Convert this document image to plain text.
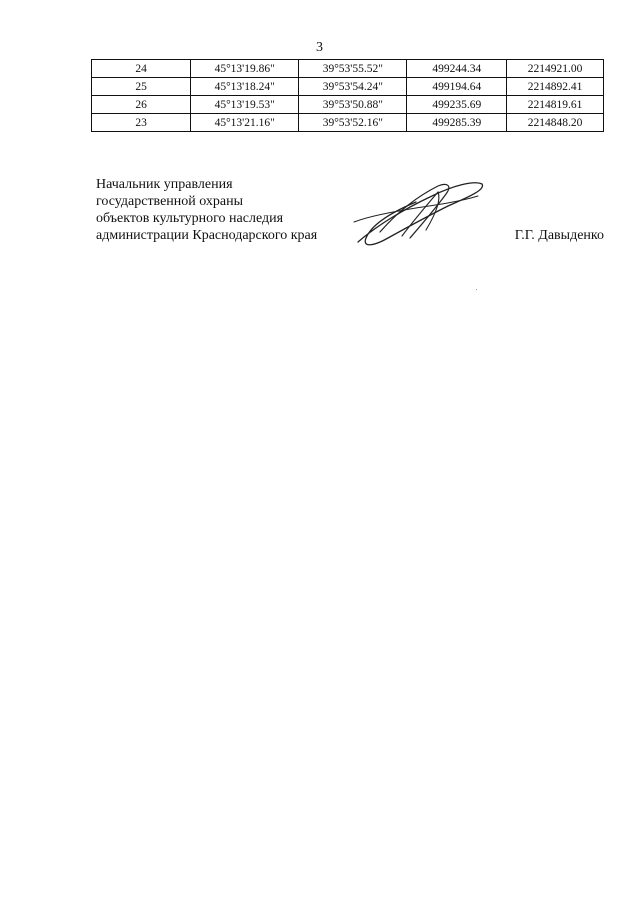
3
24	45°13'19.86"	39°53'55.52"	499244.34	2214921.00
25	45°13'18.24"	39°53'54.24"	499194.64	2214892.41
26	45°13'19.53"	39°53'50.88"	499235.69	2214819.61
23	45°13'21.16"	39°53'52.16"	499285.39	2214848.20
Начальник управления
государственной охраны
объектов культурного наследия
администрации Краснодарского края	Г.Г. Давыденко
